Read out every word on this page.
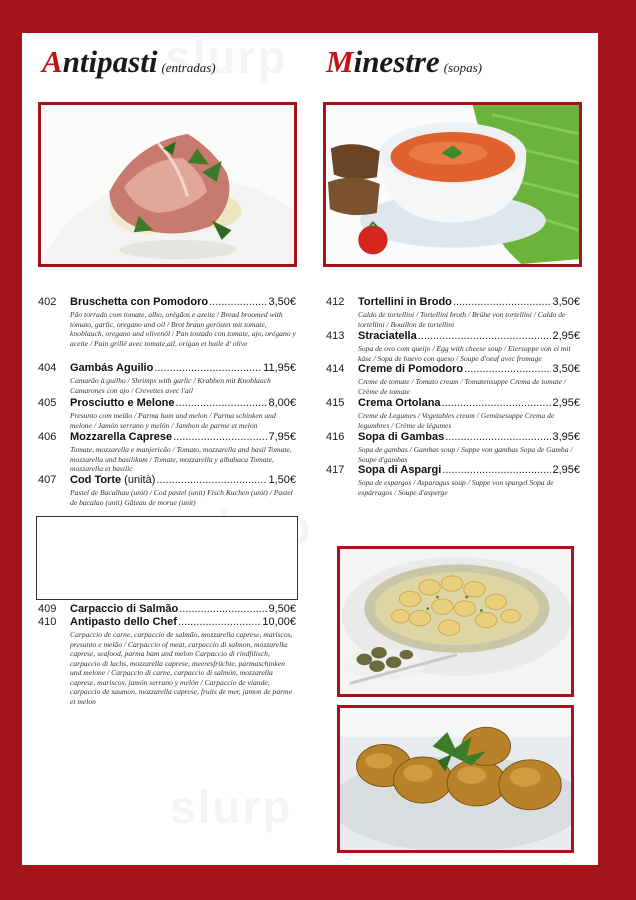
Antipasti (entradas)	Minestre (sopas)
402 Bruschetta con Pomodoro .....	3,50€
Pão torrado com tomate, alho, orégãos e azeite / Bread broomed with tomato, garlic, oregano and oil / Brot braun geröstet mit tomate, knoblauch, oregano und olivenöl / Pan tostado con tomate, ajo, orégano y aceite / Pain grillé avec tomate,ail, origan et huile d' olive
404 Gambás Aguilio .....	11,95€
Camarão à guilho / Shrimps with garlic / Krabben mit Knoblauch Camarones con ajo / Crevettes avec l'ail
405 Prosciutto e Melone .....	8,00€
Presunto com melão / Parma ham and melon / Parma schinken und melone / Jamón serrano y melón / Jambon de parme et melon
406 Mozzarella Caprese .....	7,95€
Tomate, mozzarella e manjericão / Tomato, mozzarella and basil Tomate, mozzarella und basilikum / Tomate, mozzarella y albahaca Tomate, mozzarella et basilic
407 Cod Torte (unità) .....	1,50€
Pastel de Bacalhau (unit) / Cod pastel (unit) Fisch Kuchen (unit) / Pastel de bacalao (unit) Gâteau de morue (unit)
409 Carpaccio di Salmão .....	9,50€
410 Antipasto dello Chef .....	10,00€
Carpaccio de carne, carpaccio de salmão, mozzarella caprese, mariscos, presunto e melão / Carpaccio of meat, carpaccio di salmon, mozzarella caprese, seafood, parma ham and melon Carpaccio di rindfilisch, carpaccio di lachs, mozzarella caprese, meeresfrüchte, parmaschinken und melone / Carpaccio di carne, carpaccio di salmón, mozzarella caprese, mariscos, jamón serrano y melón / Carpaccio de viande, carpaccio de saumon, mozzarella caprese, fruits de mer, jamon de parme et melon
412 Tortellini in Brodo .....	3,50€
Caldo de tortellini / Tortellini broth / Brühe von tortellini / Caldo de tortellini / Bouillon de tortellini
413 Straciatella .....	2,95€
Sopa de ovo com queijo / Egg with cheese soup / Eiersuppe von ei mit käse / Sopa de huevo con queso / Soupe d'oeuf avec fromage
414 Creme di Pomodoro .....	3,50€
Creme de tomate / Tomato cream / Tomatensuppe Crema de tomate / Crème de tomate
415 Crema Ortolana .....	2,95€
Creme de Legumes / Vegetables cream / Gemüsesuppe Crema de legumbres / Crème de légumes
416 Sopa di Gambas .....	3,95€
Sopa de gambas / Gambas soup / Suppe von gambas Sopa de Gamba / Soupe d'gambas
417 Sopa di Aspargi .....	2,95€
Sopa de espargos / Asparagus soup / Suppe von spargel Sopa de espárragos / Soupe d'asperge
